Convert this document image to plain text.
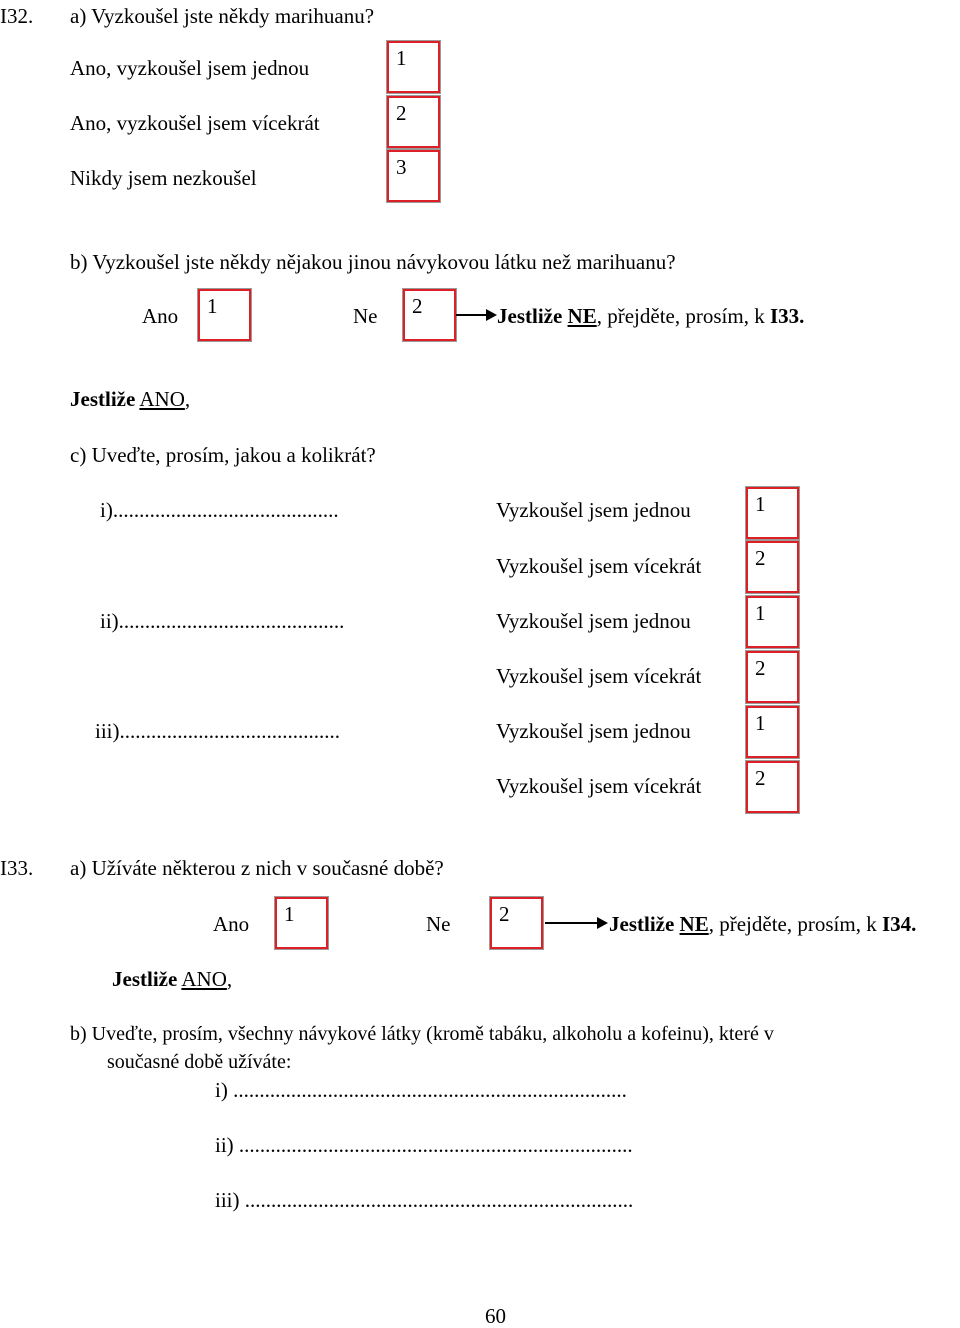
I32. a) Vyzkoušel jste někdy marihuanu?
Ano, vyzkoušel jsem jednou	1
Ano, vyzkoušel jsem vícekrát	2
Nikdy jsem nezkoušel	3
b) Vyzkoušel jste někdy nějakou jinou návykovou látku než marihuanu?
Ano 1	Ne 2	Jestliže NE, přejděte, prosím, k I33.
Jestliže ANO,
c) Uveďte, prosím, jakou a kolikrát?
i)...........................................	Vyzkoušel jsem jednou	1
Vyzkoušel jsem vícekrát	2
ii)...........................................	Vyzkoušel jsem jednou	1
Vyzkoušel jsem vícekrát	2
iii)..........................................	Vyzkoušel jsem jednou	1
Vyzkoušel jsem vícekrát	2
I33. a) Užíváte některou z nich v současné době?
Ano 1	Ne 2	Jestliže NE, přejděte, prosím, k I34.
Jestliže ANO,
b) Uveďte, prosím, všechny návykové látky (kromě tabáku, alkoholu a kofeinu), které v
současné době užíváte:
i) ...........................................................................
ii) ...........................................................................
iii) ..........................................................................
60
